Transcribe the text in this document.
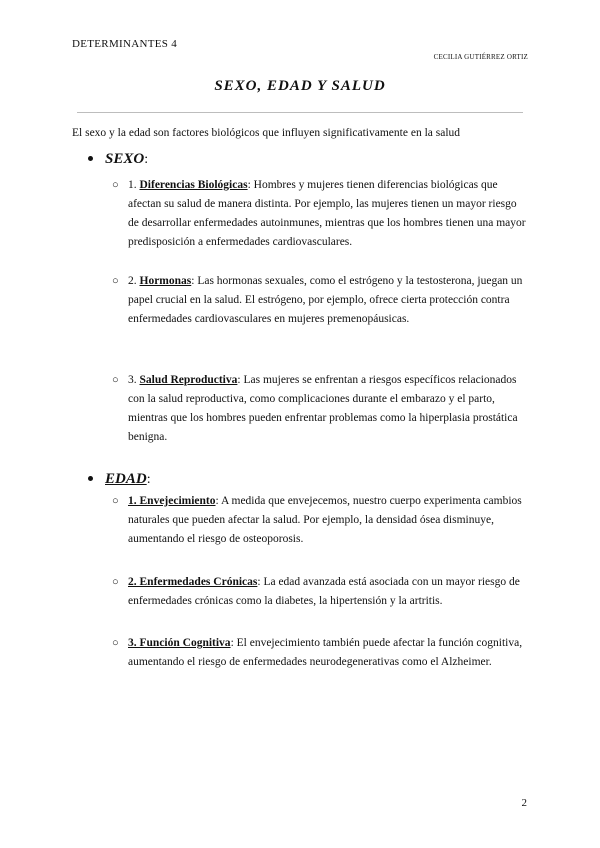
DETERMINANTES 4
CECILIA GUTIÉRREZ ORTIZ
SEXO, EDAD Y SALUD
El sexo y la edad son factores biológicos que influyen significativamente en la salud
SEXO:
○ 1. Diferencias Biológicas: Hombres y mujeres tienen diferencias biológicas que afectan su salud de manera distinta. Por ejemplo, las mujeres tienen un mayor riesgo de desarrollar enfermedades autoinmunes, mientras que los hombres tienen una mayor predisposición a enfermedades cardiovasculares.
○ 2. Hormonas: Las hormonas sexuales, como el estrógeno y la testosterona, juegan un papel crucial en la salud. El estrógeno, por ejemplo, ofrece cierta protección contra enfermedades cardiovasculares en mujeres premenopáusicas.
○ 3. Salud Reproductiva: Las mujeres se enfrentan a riesgos específicos relacionados con la salud reproductiva, como complicaciones durante el embarazo y el parto, mientras que los hombres pueden enfrentar problemas como la hiperplasia prostática benigna.
EDAD:
○ 1. Envejecimiento: A medida que envejecemos, nuestro cuerpo experimenta cambios naturales que pueden afectar la salud. Por ejemplo, la densidad ósea disminuye, aumentando el riesgo de osteoporosis.
○ 2. Enfermedades Crónicas: La edad avanzada está asociada con un mayor riesgo de enfermedades crónicas como la diabetes, la hipertensión y la artritis.
○ 3. Función Cognitiva: El envejecimiento también puede afectar la función cognitiva, aumentando el riesgo de enfermedades neurodegenerativas como el Alzheimer.
2
